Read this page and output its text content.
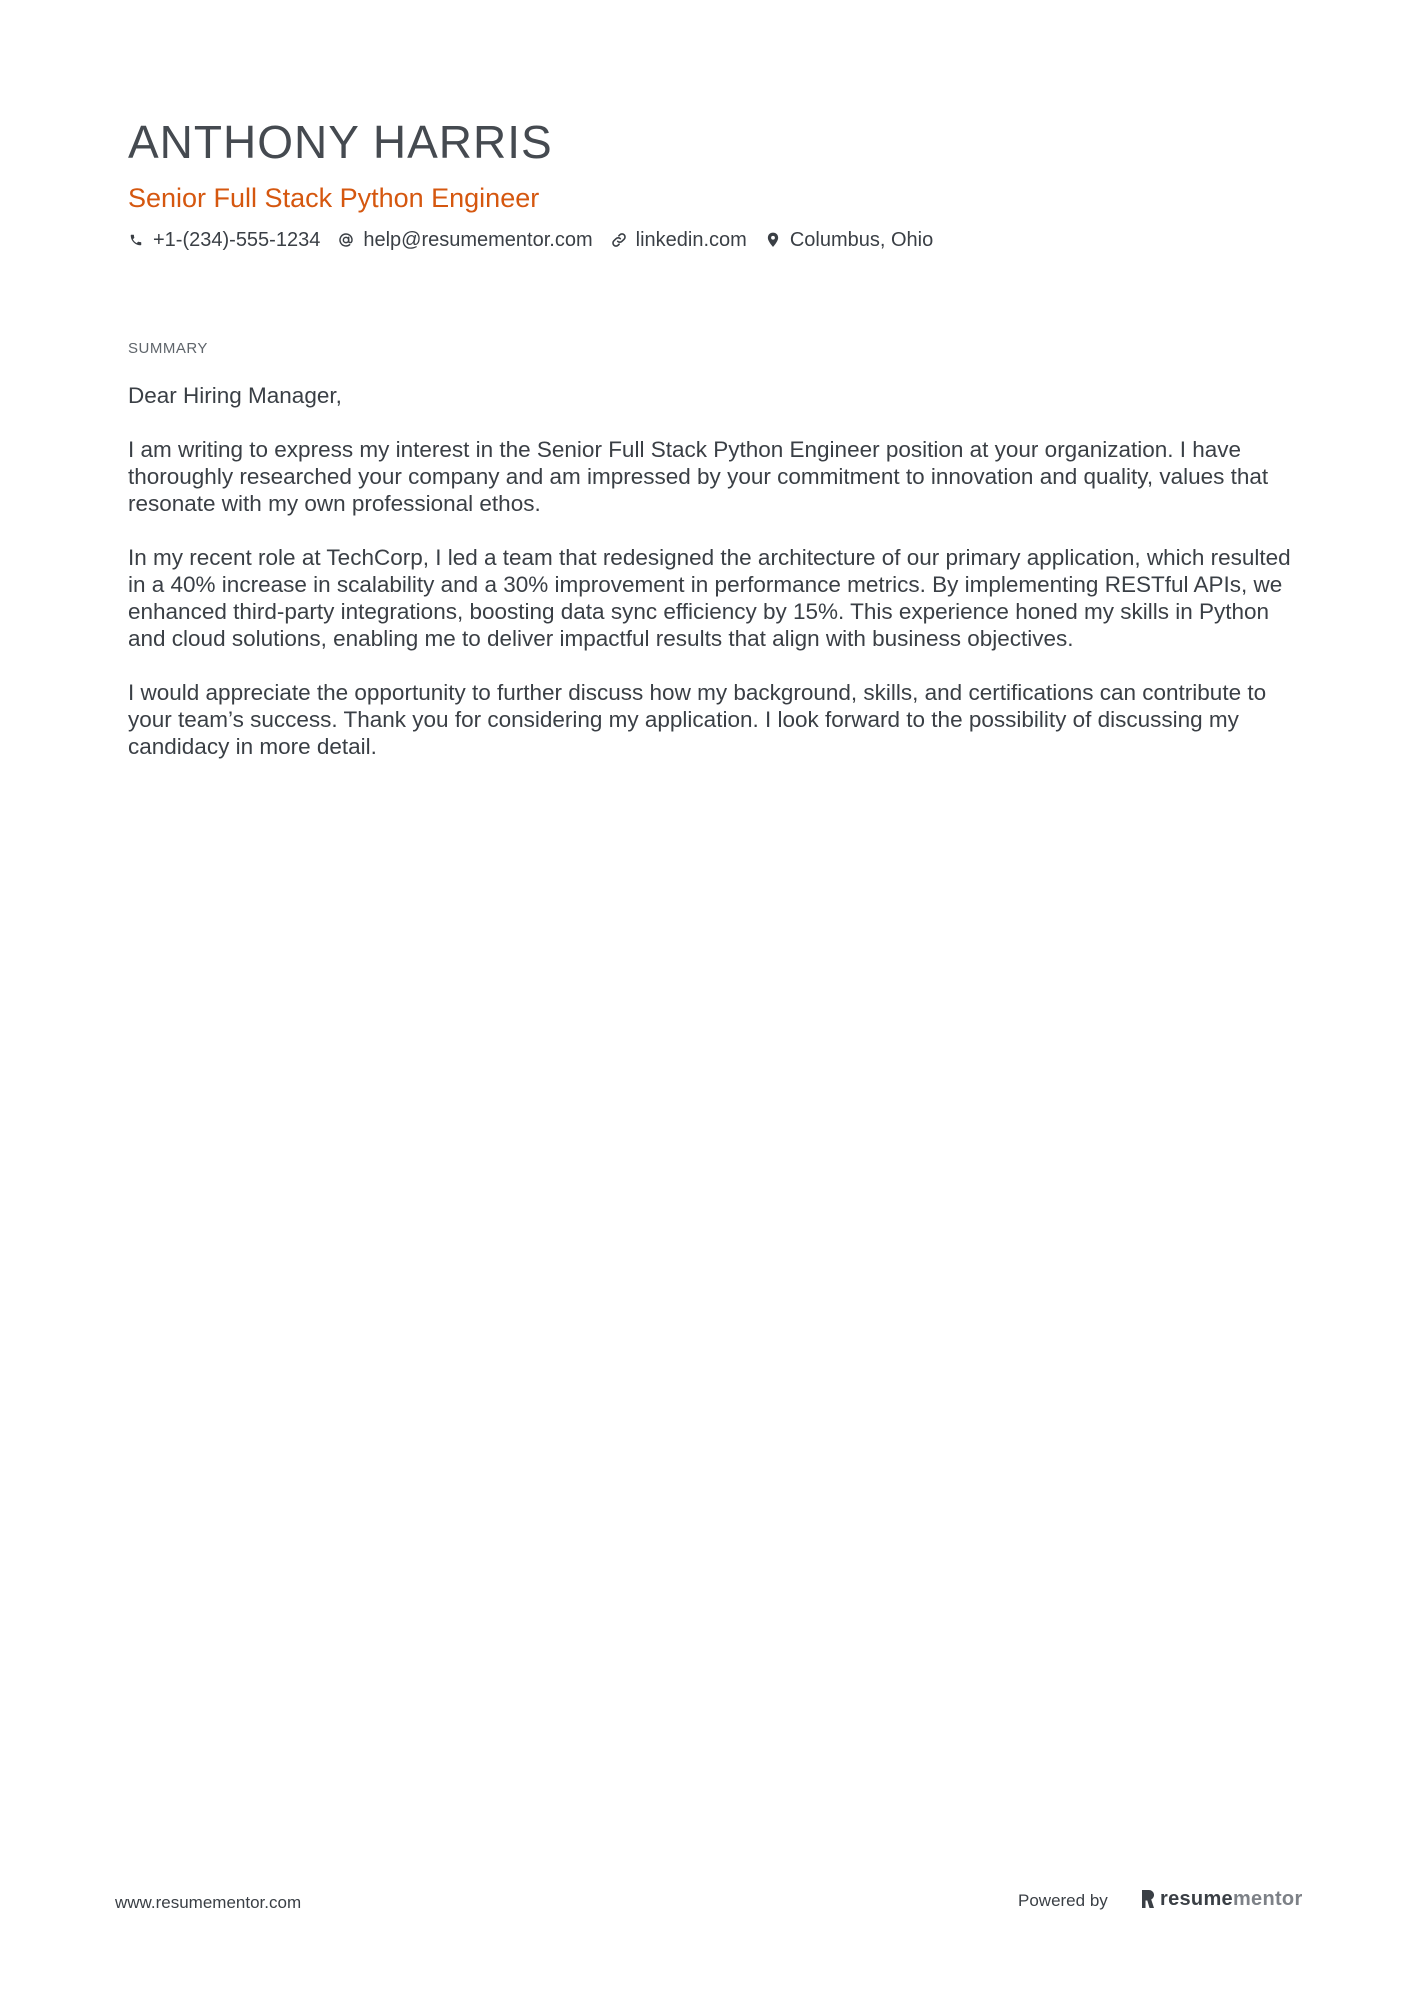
ANTHONY HARRIS
Senior Full Stack Python Engineer
+1-(234)-555-1234 help@resumementor.com linkedin.com Columbus, Ohio
SUMMARY

Dear Hiring Manager,

I am writing to express my interest in the Senior Full Stack Python Engineer position at your organization. I have thoroughly researched your company and am impressed by your commitment to innovation and quality, values that resonate with my own professional ethos.

In my recent role at TechCorp, I led a team that redesigned the architecture of our primary application, which resulted in a 40% increase in scalability and a 30% improvement in performance metrics. By implementing RESTful APIs, we enhanced third-party integrations, boosting data sync efficiency by 15%. This experience honed my skills in Python and cloud solutions, enabling me to deliver impactful results that align with business objectives.

I would appreciate the opportunity to further discuss how my background, skills, and certifications can contribute to your team’s success. Thank you for considering my application. I look forward to the possibility of discussing my candidacy in more detail.

www.resumementor.com	Powered by	resumementor
